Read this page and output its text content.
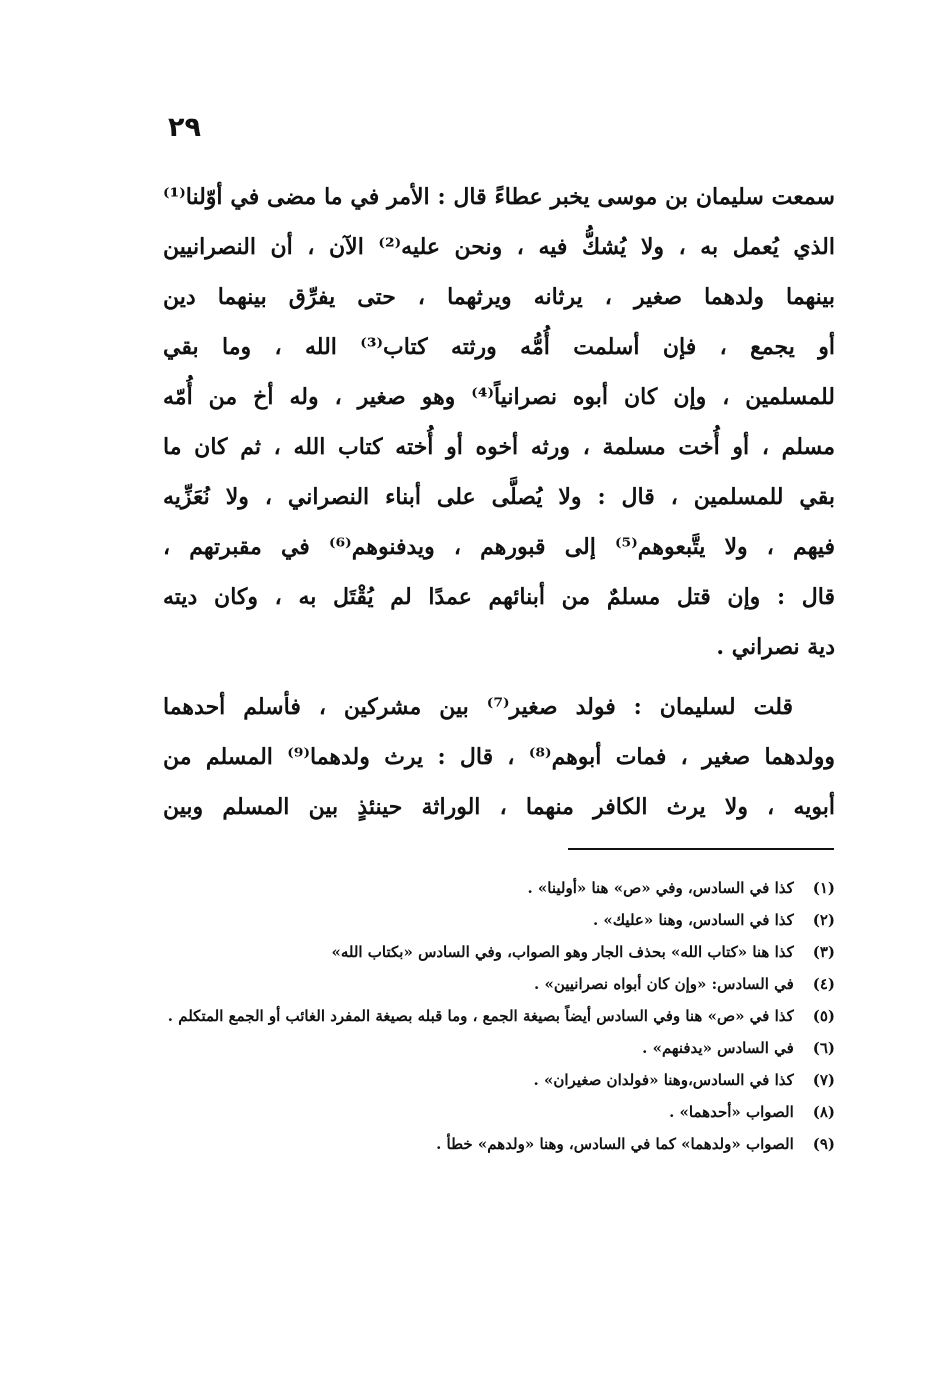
٢٩
سمعت سليمان بن موسى يخبر عطاءً قال : الأمر في ما مضى في أوّلنا⁽¹⁾
الذي يُعمل به ، ولا يُشكُّ فيه ، ونحن عليه⁽²⁾ الآن ، أن النصرانيين
بينهما ولدهما صغير ، يرثانه ويرثهما ، حتى يفرِّق بينهما دين
أو يجمع ، فإن أسلمت أُمُّه ورثته كتاب⁽³⁾ الله ، وما بقي
للمسلمين ، وإن كان أبوه نصرانياً⁽⁴⁾ وهو صغير ، وله أخ من أُمّه
مسلم ، أو أُخت مسلمة ، ورثه أخوه أو أُخته كتاب الله ، ثم كان ما
بقي للمسلمين ، قال : ولا يُصلَّى على أبناء النصراني ، ولا نُعَزِّيه
فيهم ، ولا يتَّبعوهم⁽⁵⁾ إلى قبورهم ، ويدفنوهم⁽⁶⁾ في مقبرتهم ،
قال : وإن قتل مسلمٌ من أبنائهم عمدًا لم يُقْتَل به ، وكان ديته
دية نصراني .
قلت لسليمان : فولد صغير⁽⁷⁾ بين مشركين ، فأسلم أحدهما
وولدهما صغير ، فمات أبوهم⁽⁸⁾ ، قال : يرث ولدهما⁽⁹⁾ المسلم من
أبويه ، ولا يرث الكافر منهما ، الوراثة حينئذٍ بين المسلم وبين
(١) كذا في السادس، وفي «ص» هنا «أولينا» .
(٢) كذا في السادس، وهنا «عليك» .
(٣) كذا هنا «كتاب الله» بحذف الجار وهو الصواب، وفي السادس «بكتاب الله»
(٤) في السادس: «وإن كان أبواه نصرانيين» .
(٥) كذا في «ص» هنا وفي السادس أيضاً بصيغة الجمع ، وما قبله بصيغة المفرد الغائب أو الجمع المتكلم .
(٦) في السادس «يدفنهم» .
(٧) كذا في السادس،وهنا «فولدان صغيران» .
(٨) الصواب «أحدهما» .
(٩) الصواب «ولدهما» كما في السادس، وهنا «ولدهم» خطأ .
